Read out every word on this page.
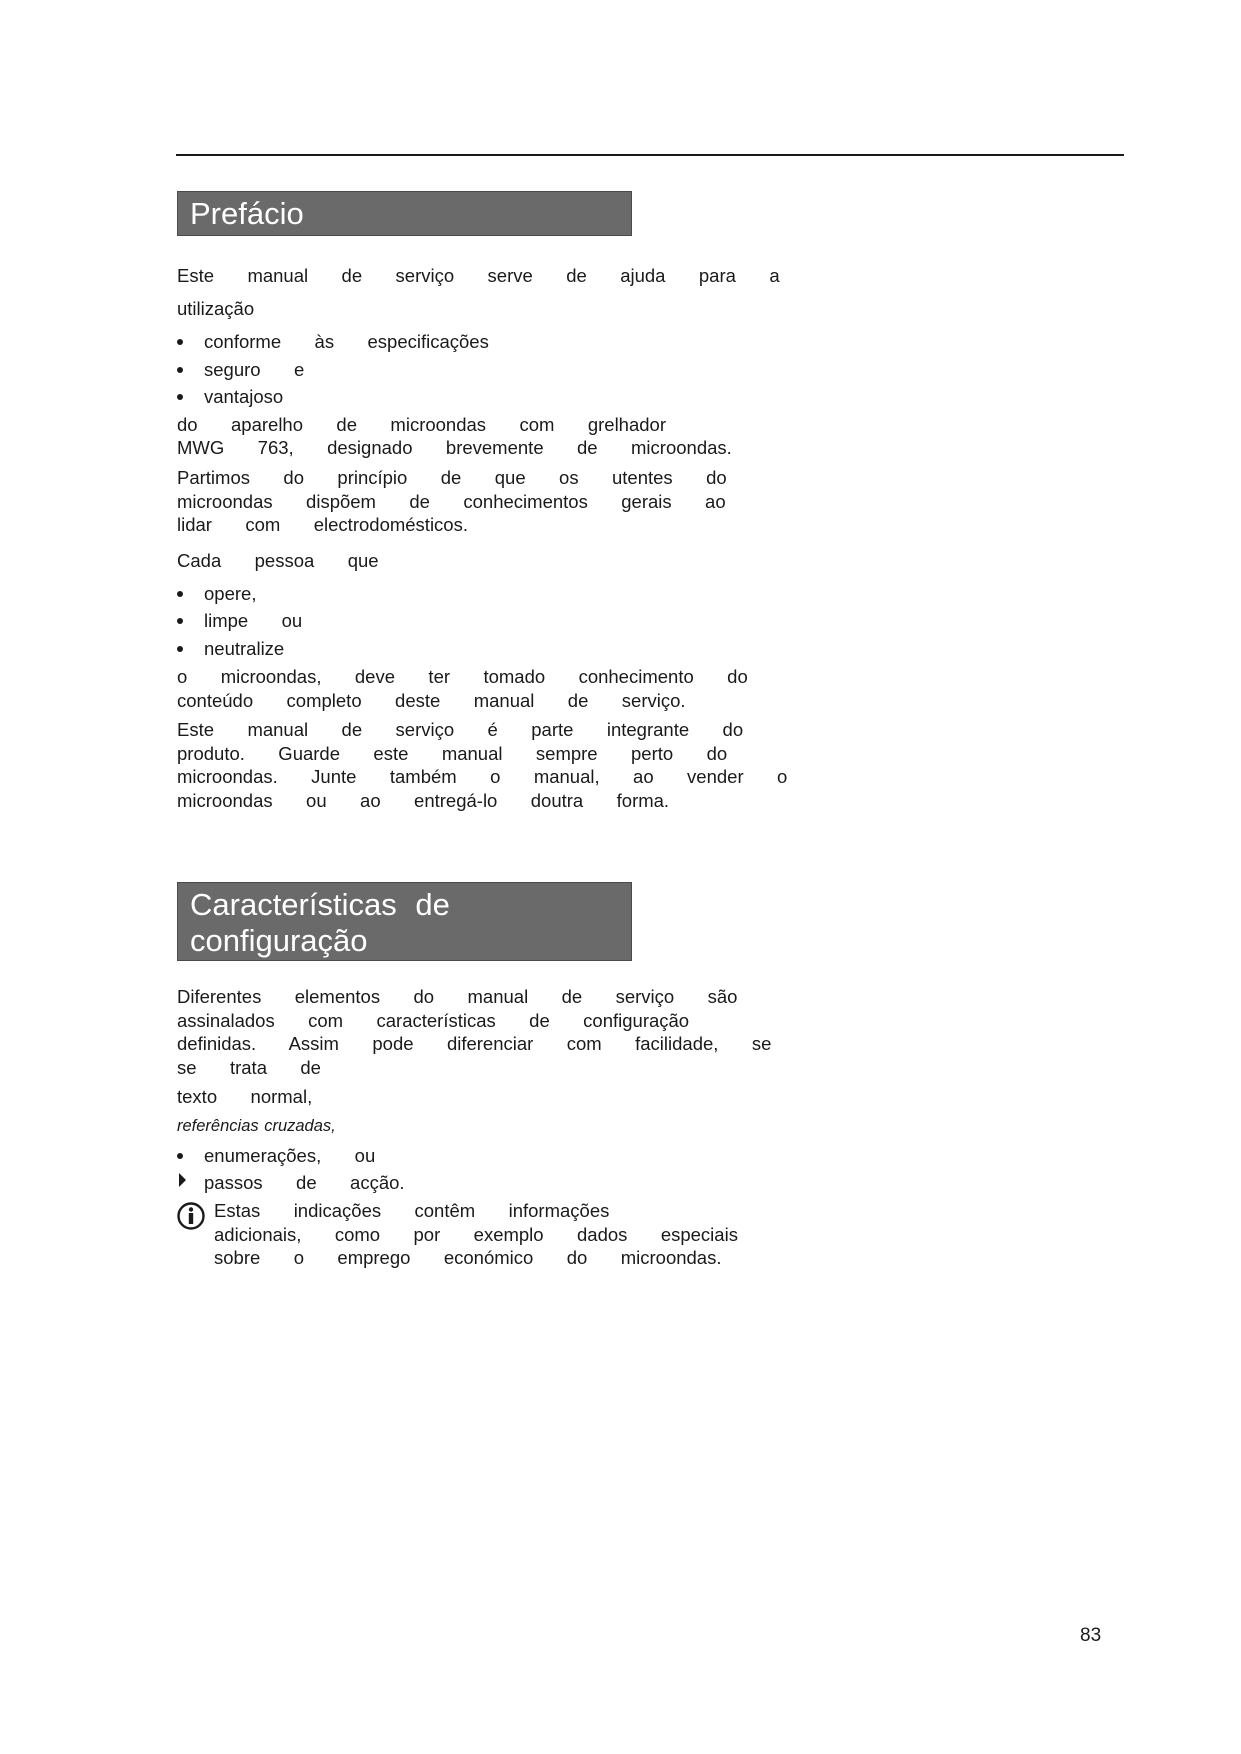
Prefácio
Este   manual   de   serviço   serve   de   ajuda   para   a
utilização
conforme   às   especificações
seguro   e
vantajoso
do   aparelho   de   microondas   com   grelhador
MWG   763,   designado   brevemente   de   microondas.
Partimos   do   princípio   de   que   os   utentes   do
microondas   dispõem   de   conhecimentos   gerais   ao
lidar   com   electrodomésticos.
Cada   pessoa   que
opere,
limpe   ou
neutralize
o   microondas,   deve   ter   tomado   conhecimento   do
conteúdo   completo   deste   manual   de   serviço.
Este   manual   de   serviço   é   parte   integrante   do
produto.   Guarde   este   manual   sempre   perto   do
microondas.   Junte   também   o   manual,   ao   vender   o
microondas   ou   ao   entregá-lo   doutra   forma.
Características de
configuração
Diferentes   elementos   do   manual   de   serviço   são
assinalados   com   características   de   configuração
definidas.   Assim   pode   diferenciar   com   facilidade,   se
se   trata   de
texto   normal,
referências cruzadas,
enumerações,   ou
passos   de   acção.
Estas   indicações   contêm   informações
adicionais,   como   por   exemplo   dados   especiais
sobre   o   emprego   económico   do   microondas.
83
